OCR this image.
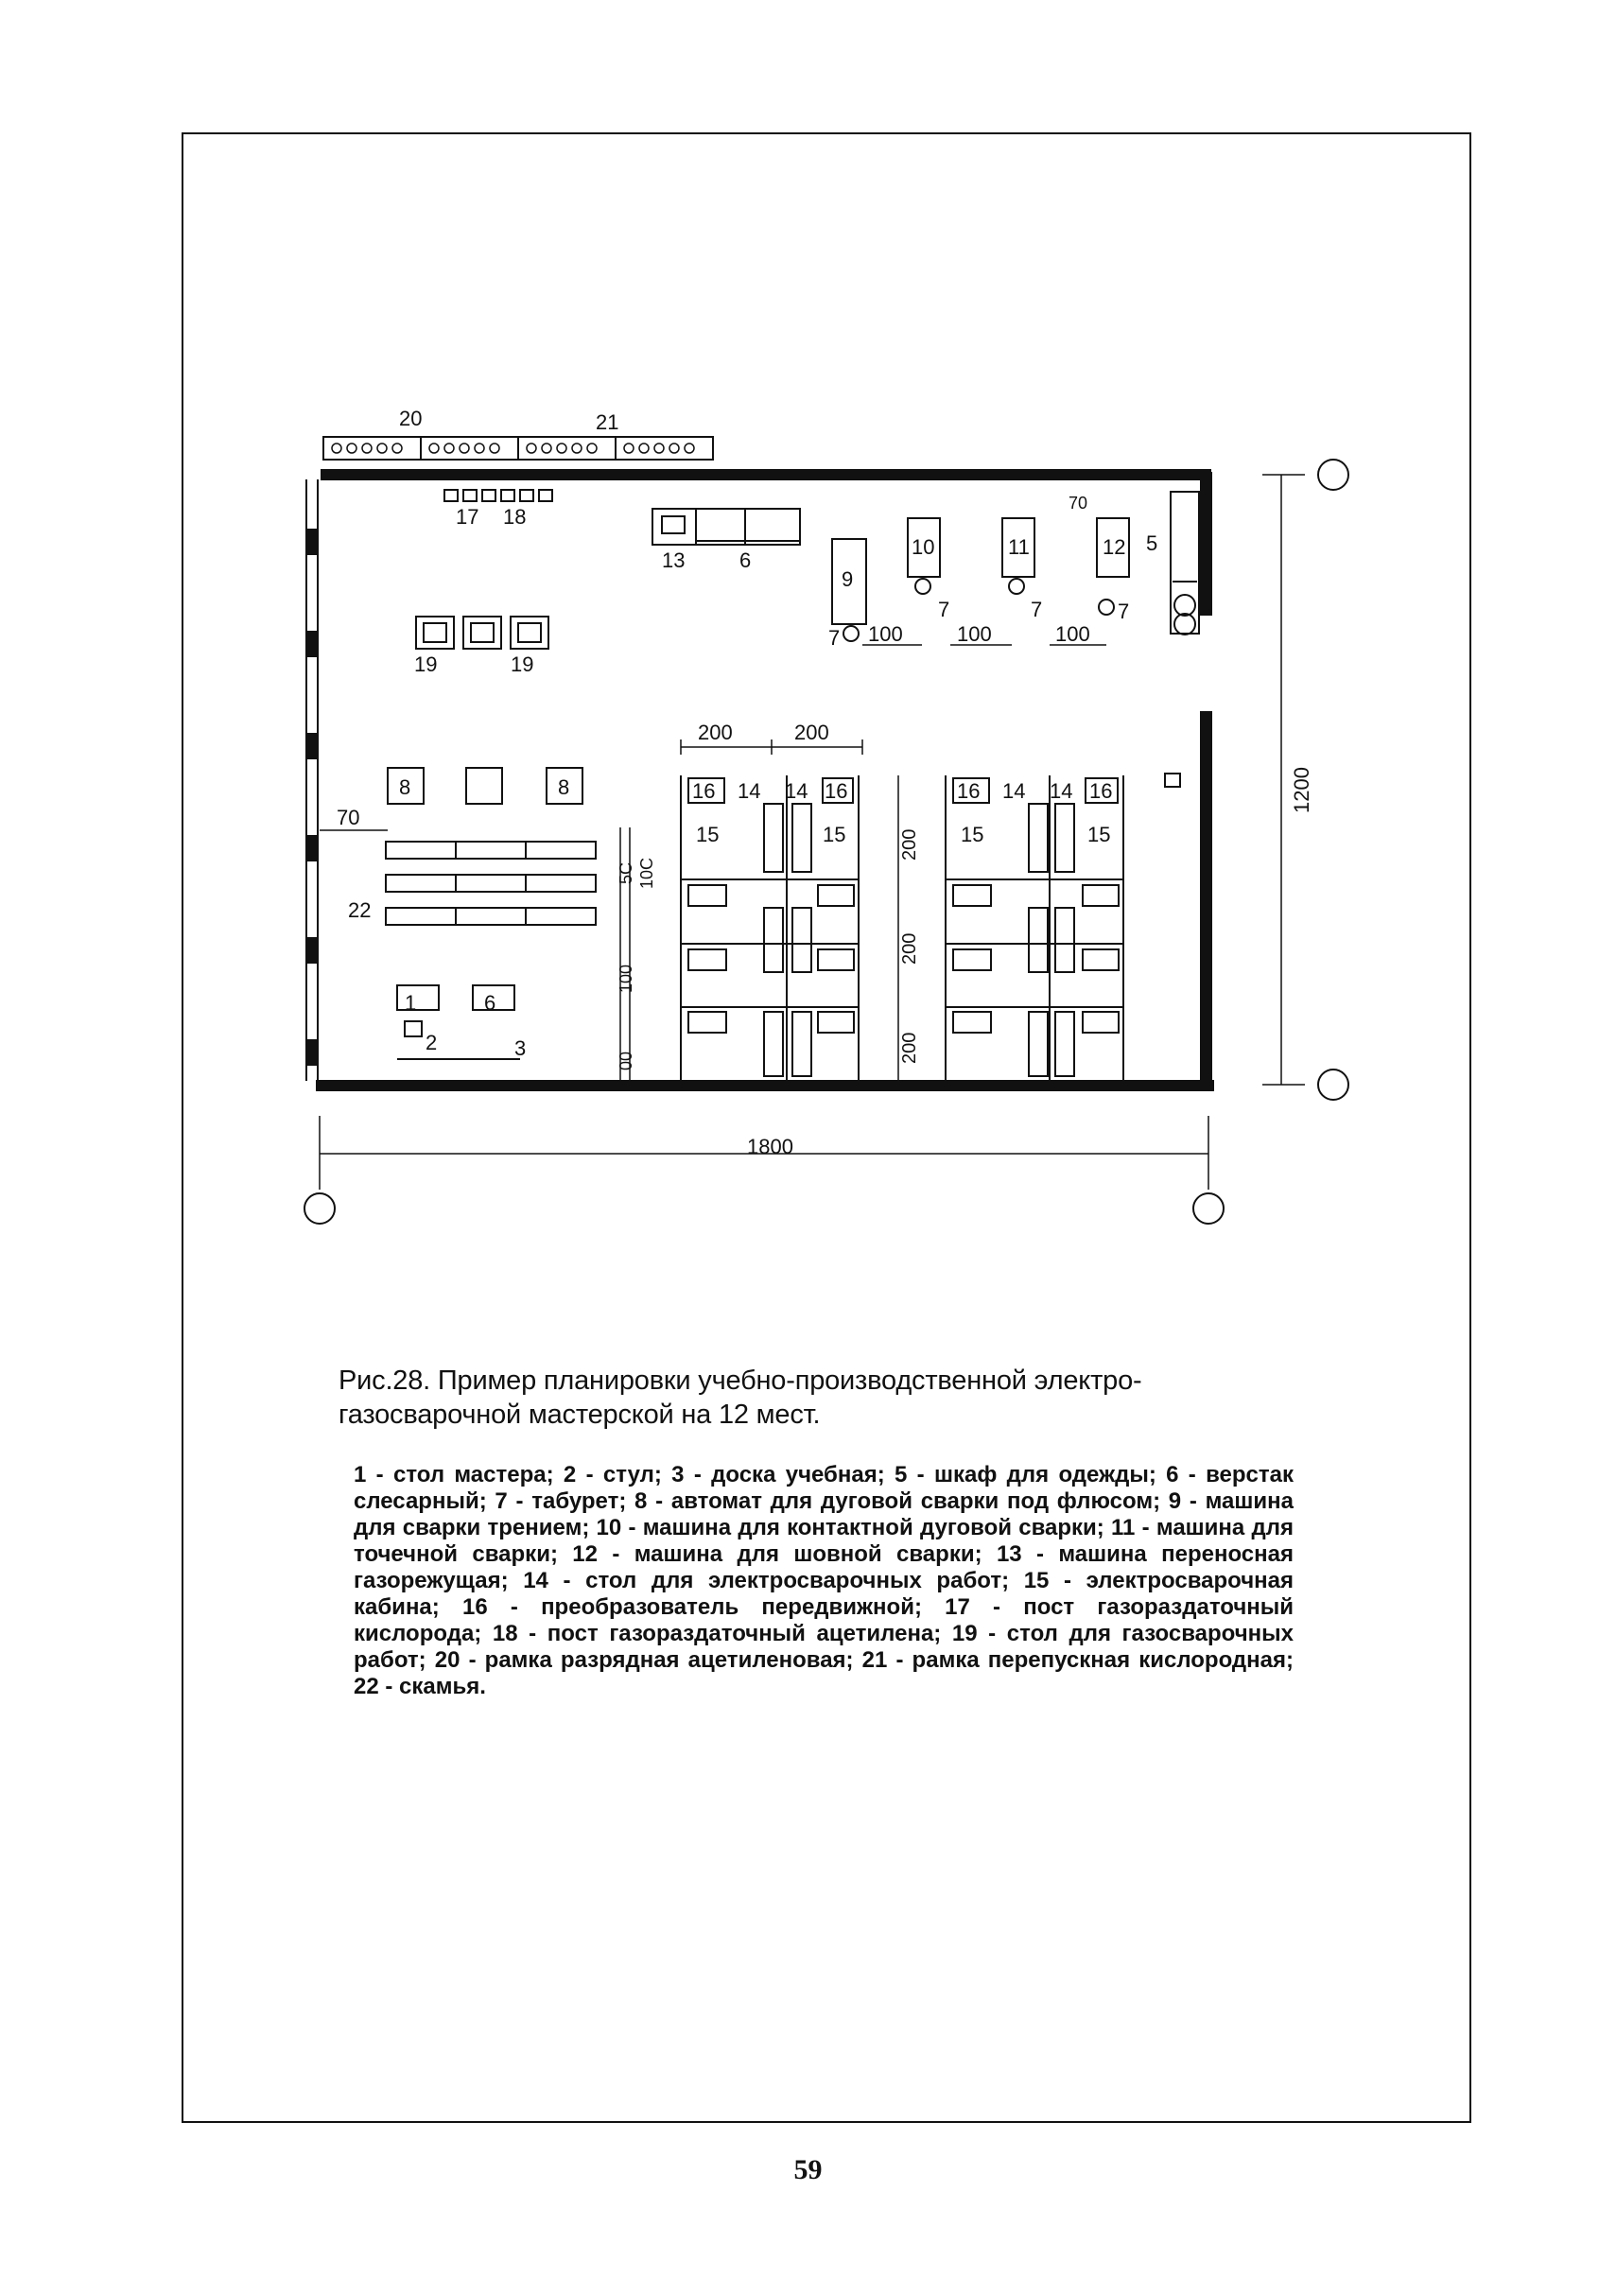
20	21
17 18
13	6
70
5
9
10	11	12
7
7	7	7
100	100	100
19	19
200	200
8	8	16 14 14 16	16 14 14 16
15	15	15	15
70
22
1
2	3
6
1800
1200
5C 10C
100
00
200
200
200
Рис.28. Пример планировки учебно-производственной электро-газосварочной мастерской на 12 мест.
1 - стол мастера; 2 - стул; 3 - доска учебная; 5 - шкаф для одежды; 6 - верстак слесарный; 7 - табурет; 8 - автомат для дуговой сварки под флюсом; 9 - машина для сварки трением; 10 - машина для контактной дуговой сварки; 11 - машина для точечной сварки; 12 - машина для шовной сварки; 13 - машина переносная газорежущая; 14 - стол для электросварочных работ; 15 - электросварочная кабина; 16 - преобразователь передвижной; 17 - пост газораздаточный кислорода; 18 - пост газораздаточный ацетилена; 19 - стол для газосварочных работ; 20 - рамка разрядная ацетиленовая; 21 - рамка перепускная кислородная; 22 - скамья.
59
